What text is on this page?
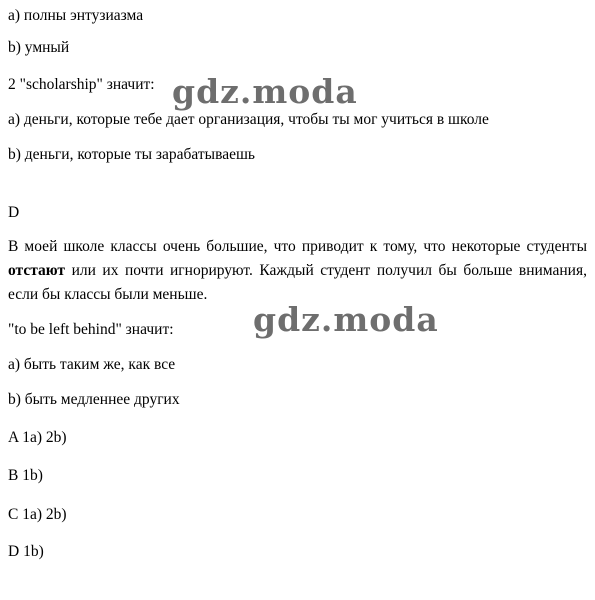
а) полны энтузиазма
b) умный
2 "scholarship" значит:
а) деньги, которые тебе дает организация, чтобы ты мог учиться в школе
b) деньги, которые ты зарабатываешь
D
В моей школе классы очень большие, что приводит к тому, что некоторые студенты отстают или их почти игнорируют. Каждый студент получил бы больше внимания, если бы классы были меньше.
"to be left behind" значит:
а) быть таким же, как все
b) быть медленнее других
A 1a) 2b)
B 1b)
C 1a) 2b)
D 1b)
gdz.moda
gdz.moda
